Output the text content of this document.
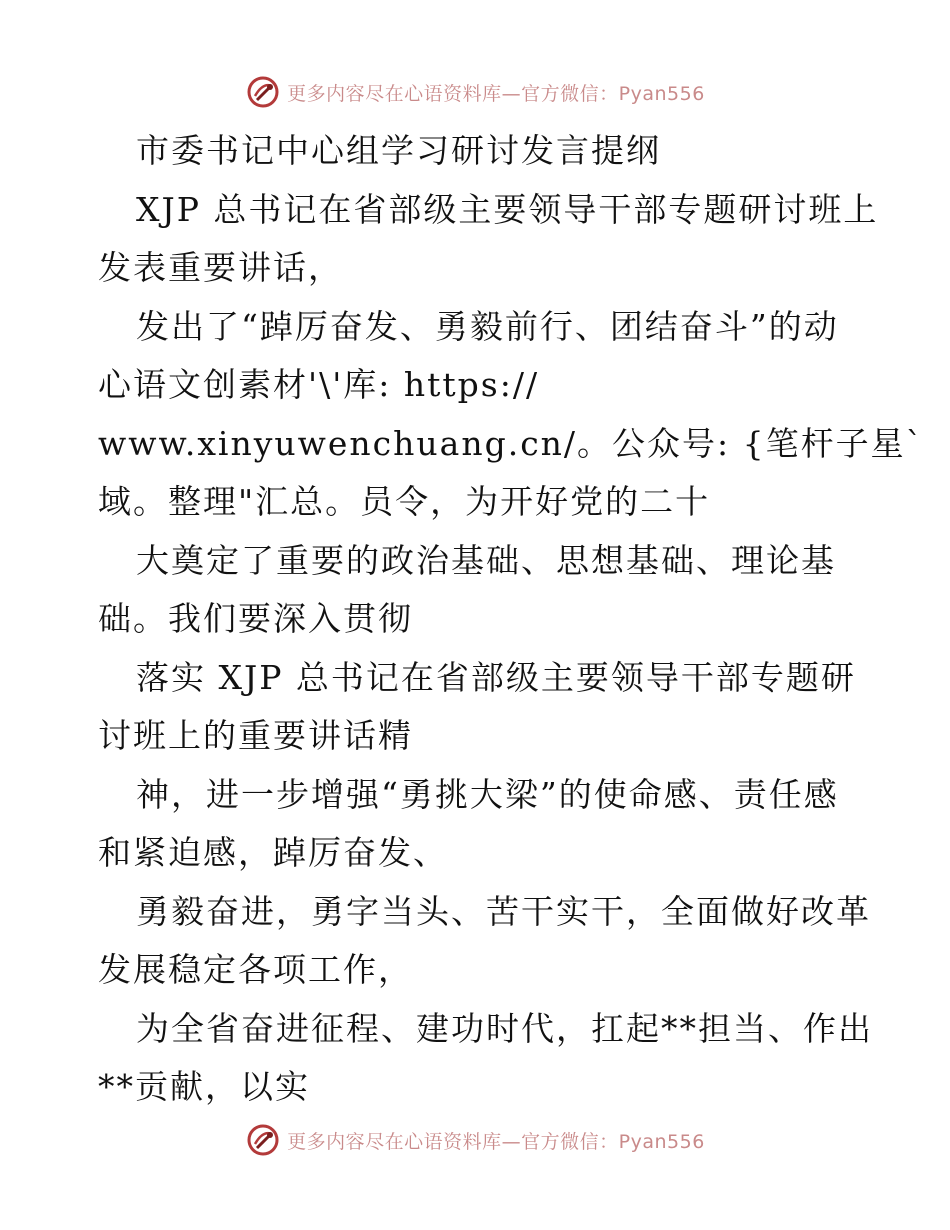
更多内容尽在心语资料库—官方微信：Pyan556
市委书记中心组学习研讨发言提纲
XJP 总书记在省部级主要领导干部专题研讨班上
发表重要讲话，
发出了“踔厉奋发、勇毅前行、团结奋斗”的动
心语文创素材'\'库: https://
www.xinyuwenchuang.cn/。公众号: {笔杆子星`
域。整理"汇总。员令，为开好党的二十
大奠定了重要的政治基础、思想基础、理论基
础。我们要深入贯彻
落实 XJP 总书记在省部级主要领导干部专题研
讨班上的重要讲话精
神，进一步增强“勇挑大梁”的使命感、责任感
和紧迫感，踔厉奋发、
勇毅奋进，勇字当头、苦干实干，全面做好改革
发展稳定各项工作，
为全省奋进征程、建功时代，扛起**担当、作出
**贡献，以实
更多内容尽在心语资料库—官方微信：Pyan556
